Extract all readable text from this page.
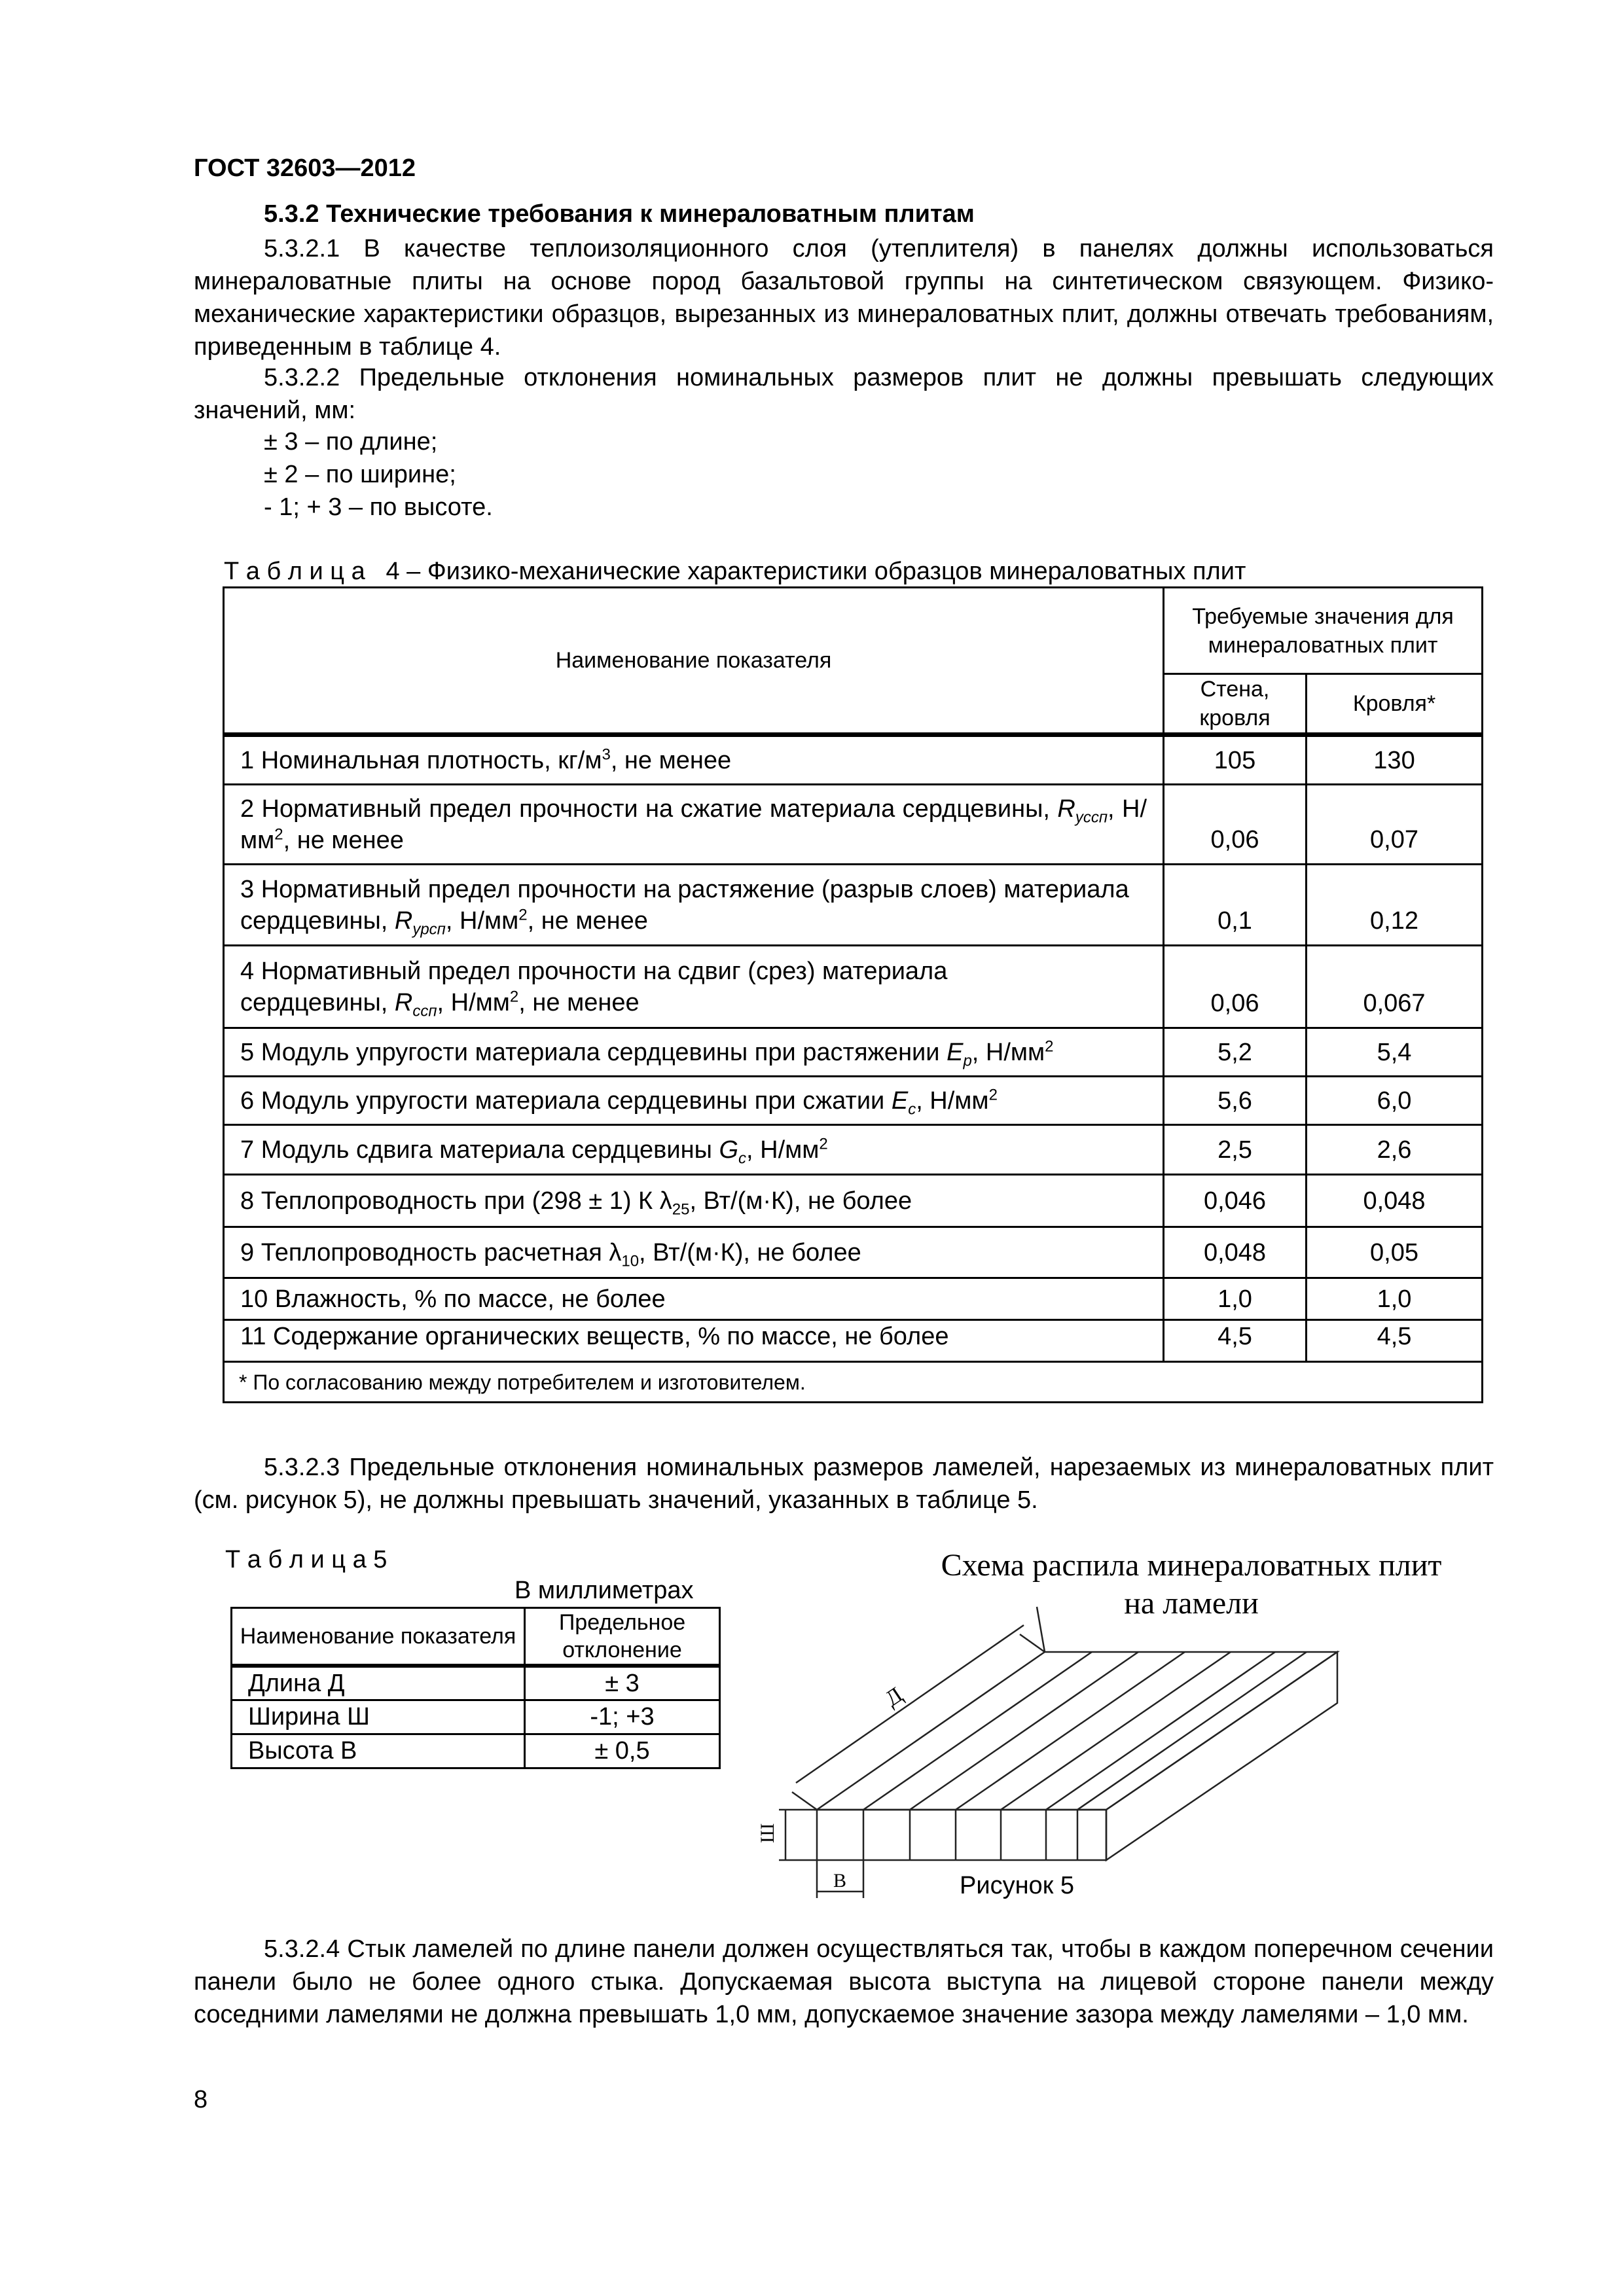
ГОСТ 32603—2012
5.3.2 Технические требования к минераловатным плитам
5.3.2.1 В качестве теплоизоляционного слоя (утеплителя) в панелях должны использоваться минераловатные плиты на основе пород базальтовой группы на синтетическом связующем. Физико-механические характеристики образцов, вырезанных из минераловатных плит, должны отвечать требованиям, приведенным в таблице 4.
5.3.2.2 Предельные отклонения номинальных размеров плит не должны превышать следующих значений, мм:
± 3 – по длине;
± 2 – по ширине;
- 1; + 3 – по высоте.
Т а б л и ц а 4 – Физико-механические характеристики образцов минераловатных плит
Наименование показателя	Требуемые значения для минераловатных плит	
	Стена, кровля	Кровля*
1 Номинальная плотность, $кг/м^3$, не менее	105	130
2 Нормативный предел прочности на сжатие материала сердцевины, $R_{уссп}$, $Н/мм^2$, не менее	0,06	0,07
3 Нормативный предел прочности на растяжение (разрыв слоев) материала сердцевины, $R_{урсп}$, $Н/мм^2$, не менее	0,1	0,12
4 Нормативный предел прочности на сдвиг (срез) материала сердцевины, $R_{ссп}$, $Н/мм^2$, не менее	0,06	0,067
5 Модуль упругости материала сердцевины при растяжении $E_p$, $Н/мм^2$	5,2	5,4
6 Модуль упругости материала сердцевины при сжатии $E_c$, $Н/мм^2$	5,6	6,0
7 Модуль сдвига материала сердцевины $G_c$, $Н/мм^2$	2,5	2,6
8 Теплопроводность при (298 ± 1) К $\lambda_{25}$, Вт/(м·К), не более	0,046	0,048
9 Теплопроводность расчетная $\lambda_{10}$, Вт/(м·К), не более	0,048	0,05
10 Влажность, % по массе, не более	1,0	1,0
11 Содержание органических веществ, % по массе, не более	4,5	4,5
* По согласованию между потребителем и изготовителем.		
5.3.2.3 Предельные отклонения номинальных размеров ламелей, нарезаемых из минераловатных плит (см. рисунок 5), не должны превышать значений, указанных в таблице 5.
Т а б л и ц а 5
В миллиметрах
Наименование показателя	Предельное отклонение
Длина Д	± 3
Ширина Ш	-1; +3
Высота В	± 0,5
Схема распила минераловатных плит
на ламели
Д
Ш
В	Рисунок 5
5.3.2.4 Стык ламелей по длине панели должен осуществляться так, чтобы в каждом поперечном сечении панели было не более одного стыка. Допускаемая высота выступа на лицевой стороне панели между соседними ламелями не должна превышать 1,0 мм, допускаемое значение зазора между ламелями – 1,0 мм.
8
